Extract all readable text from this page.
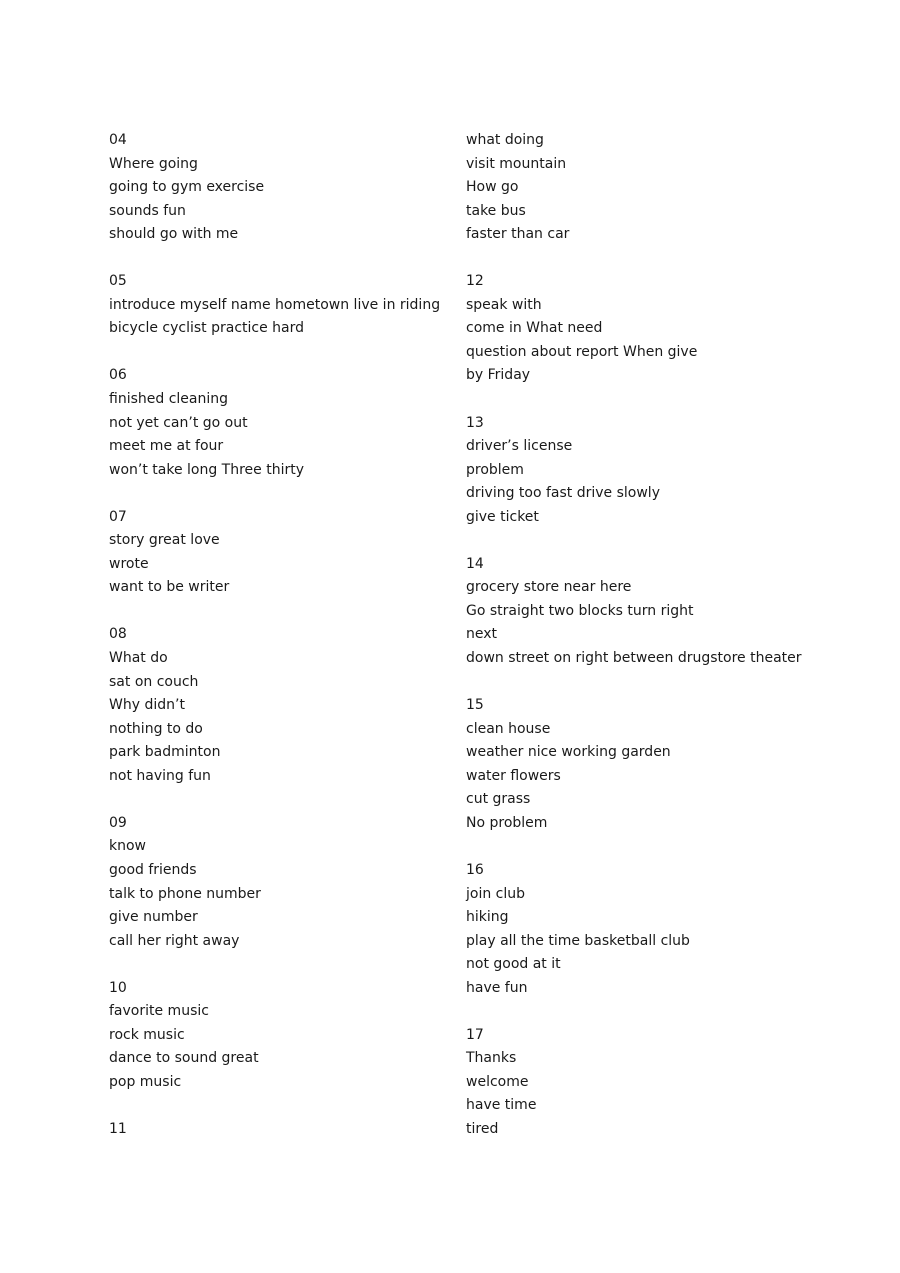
04
Where going
going to gym exercise
sounds fun
should go with me
05
introduce myself name hometown live in riding
bicycle cyclist practice hard
06
finished cleaning
not yet can’t go out
meet me at four
won’t take long Three thirty
07
story great love
wrote
want to be writer
08
What do
sat on couch
Why didn’t
nothing to do
park badminton
not having fun
09
know
good friends
talk to phone number
give number
call her right away
10
favorite music
rock music
dance to sound great
pop music
11
what doing
visit mountain
How go
take bus
faster than car
12
speak with
come in What need
question about report When give
by Friday
13
driver’s license
problem
driving too fast drive slowly
give ticket
14
grocery store near here
Go straight two blocks turn right
next
down street on right between drugstore theater
15
clean house
weather nice working garden
water flowers
cut grass
No problem
16
join club
hiking
play all the time basketball club
not good at it
have fun
17
Thanks
welcome
have time
tired
